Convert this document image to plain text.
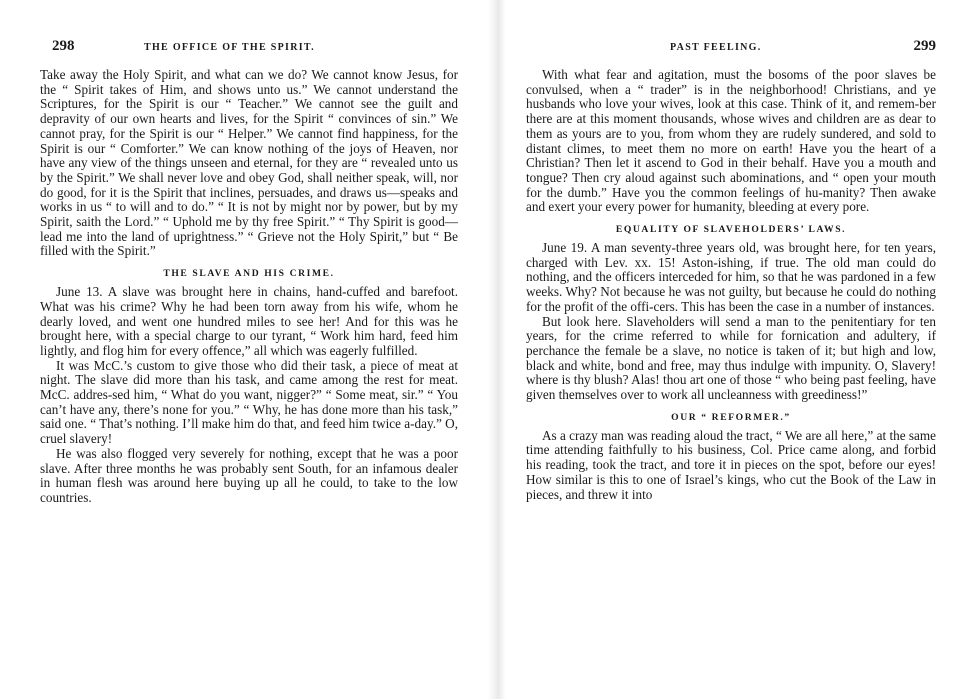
298	THE OFFICE OF THE SPIRIT.

Take away the Holy Spirit, and what can we do? We cannot know Jesus, for the “ Spirit takes of Him, and shows unto us.” We cannot understand the Scriptures, for the Spirit is our “ Teacher.” We cannot see the guilt and depravity of our own hearts and lives, for the Spirit “ convinces of sin.” We cannot pray, for the Spirit is our “ Helper.” We cannot find happiness, for the Spirit is our “ Comforter.” We can know nothing of the joys of Heaven, nor have any view of the things unseen and eternal, for they are “ revealed unto us by the Spirit.” We shall never love and obey God, shall neither speak, will, nor do good, for it is the Spirit that inclines, persuades, and draws us—speaks and works in us “ to will and to do.” “ It is not by might nor by power, but by my Spirit, saith the Lord.” “ Uphold me by thy free Spirit.” “ Thy Spirit is good—lead me into the land of uprightness.” “ Grieve not the Holy Spirit,” but “ Be filled with the Spirit.”

THE SLAVE AND HIS CRIME.

June 13. A slave was brought here in chains, hand-cuffed and barefoot. What was his crime? Why he had been torn away from his wife, whom he dearly loved, and went one hundred miles to see her! And for this was he brought here, with a special charge to our tyrant, “ Work him hard, feed him lightly, and flog him for every offence,” all which was eagerly fulfilled.

It was McC.’s custom to give those who did their task, a piece of meat at night. The slave did more than his task, and came among the rest for meat. McC. addres-sed him, “ What do you want, nigger?” “ Some meat, sir.” “ You can’t have any, there’s none for you.” “ Why, he has done more than his task,” said one. “ That’s nothing. I’ll make him do that, and feed him twice a-day.” O, cruel slavery!

He was also flogged very severely for nothing, except that he was a poor slave. After three months he was probably sent South, for an infamous dealer in human flesh was around here buying up all he could, to take to the low countries.

PAST FEELING.	299

With what fear and agitation, must the bosoms of the poor slaves be convulsed, when a “ trader” is in the neighborhood! Christians, and ye husbands who love your wives, look at this case. Think of it, and remem-ber there are at this moment thousands, whose wives and children are as dear to them as yours are to you, from whom they are rudely sundered, and sold to distant climes, to meet them no more on earth! Have you the heart of a Christian? Then let it ascend to God in their behalf. Have you a mouth and tongue? Then cry aloud against such abominations, and “ open your mouth for the dumb.” Have you the common feelings of hu-manity? Then awake and exert your every power for humanity, bleeding at every pore.

EQUALITY OF SLAVEHOLDERS’ LAWS.

June 19. A man seventy-three years old, was brought here, for ten years, charged with Lev. xx. 15! Aston-ishing, if true. The old man could do nothing, and the officers interceded for him, so that he was pardoned in a few weeks. Why? Not because he was not guilty, but because he could do nothing for the profit of the offi-cers. This has been the case in a number of instances.

But look here. Slaveholders will send a man to the penitentiary for ten years, for the crime referred to while for fornication and adultery, if perchance the female be a slave, no notice is taken of it; but high and low, black and white, bond and free, may thus indulge with impunity. O, Slavery! where is thy blush? Alas! thou art one of those “ who being past feeling, have given themselves over to work all uncleanness with greediness!”

OUR “ REFORMER.”

As a crazy man was reading aloud the tract, “ We are all here,” at the same time attending faithfully to his business, Col. Price came along, and forbid his reading, took the tract, and tore it in pieces on the spot, before our eyes! How similar is this to one of Israel’s kings, who cut the Book of the Law in pieces, and threw it into
